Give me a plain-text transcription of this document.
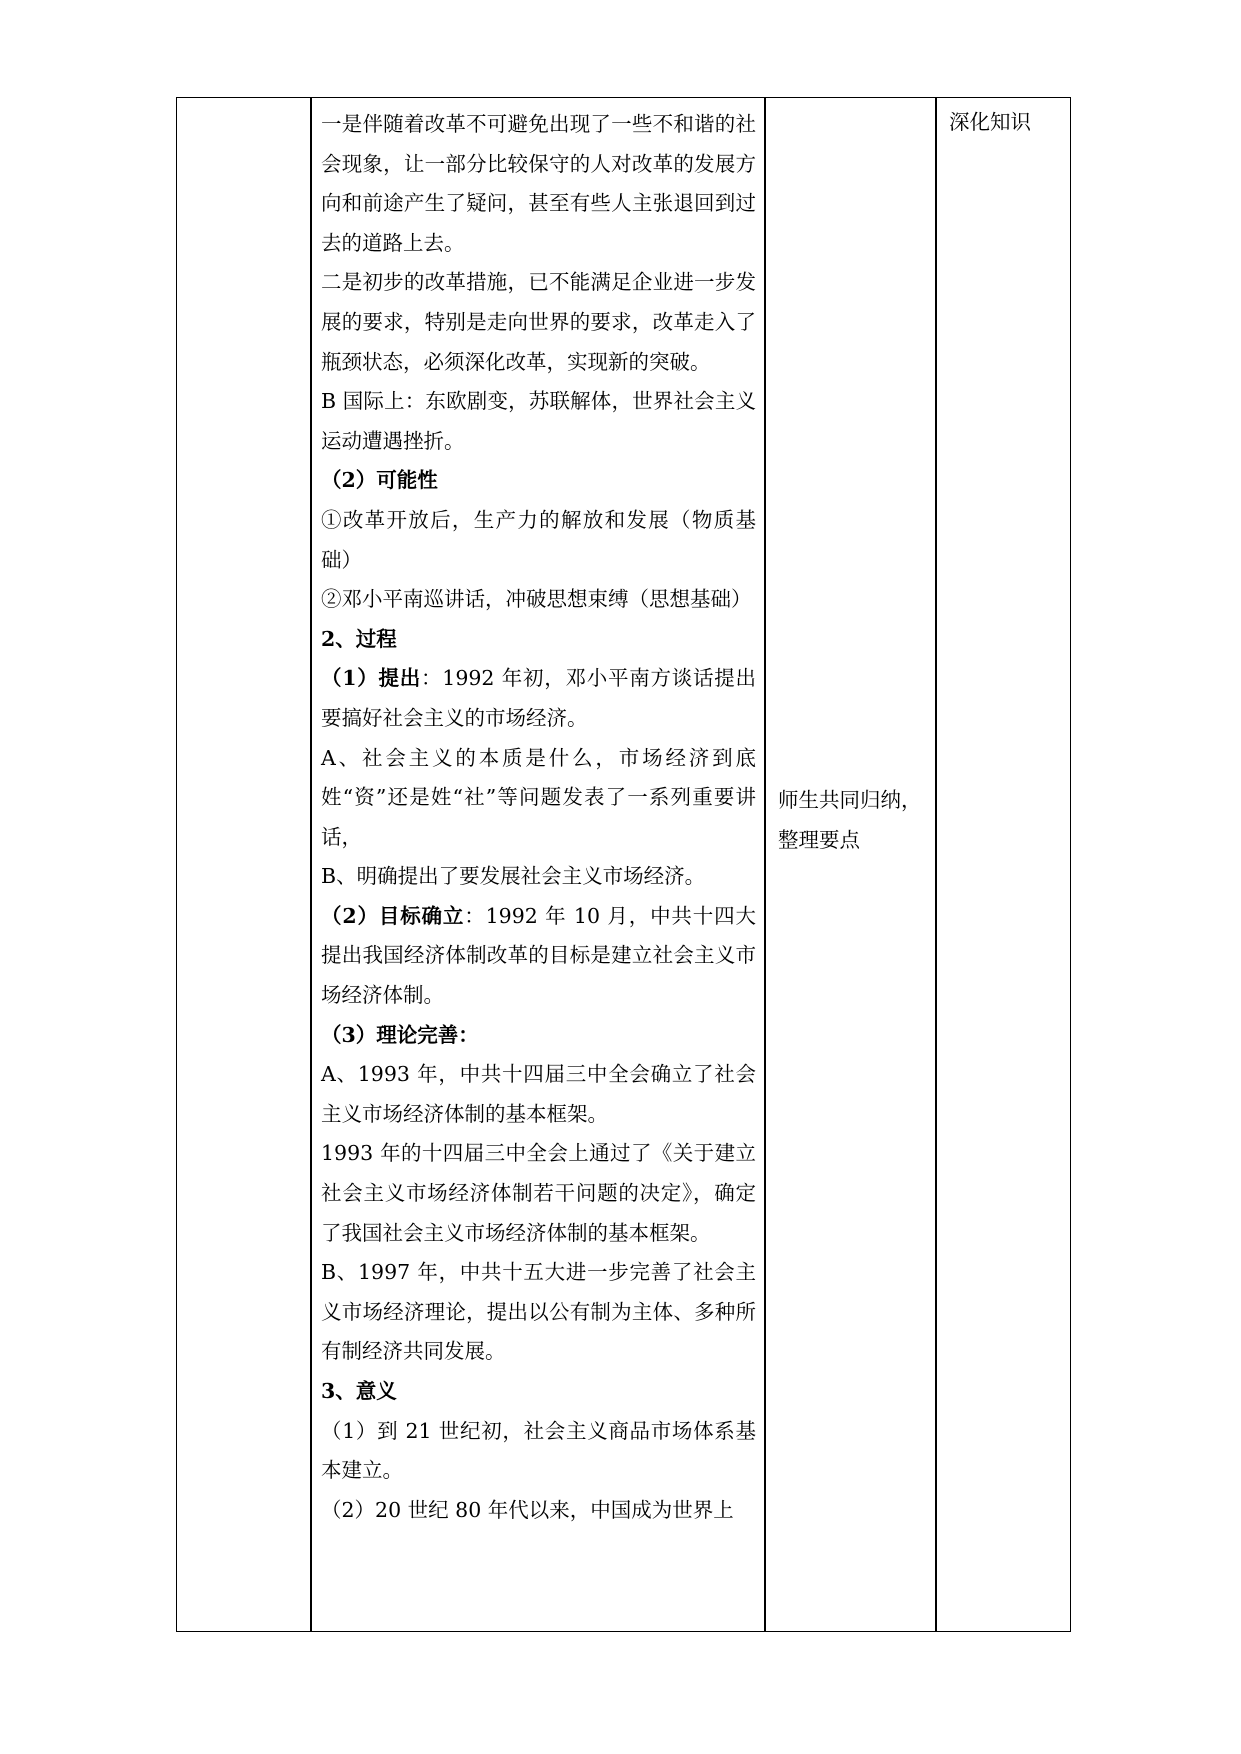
一是伴随着改革不可避免出现了一些不和谐的社会现象，让一部分比较保守的人对改革的发展方向和前途产生了疑问，甚至有些人主张退回到过去的道路上去。

二是初步的改革措施，已不能满足企业进一步发展的要求，特别是走向世界的要求，改革走入了瓶颈状态，必须深化改革，实现新的突破。

B 国际上：东欧剧变，苏联解体，世界社会主义运动遭遇挫折。

（2）可能性

①改革开放后，生产力的解放和发展（物质基础）

②邓小平南巡讲话，冲破思想束缚（思想基础）

2、过程

（1）提出：1992 年初，邓小平南方谈话提出要搞好社会主义的市场经济。

A、社会主义的本质是什么，市场经济到底姓“资”还是姓“社”等问题发表了一系列重要讲话，

B、明确提出了要发展社会主义市场经济。

（2）目标确立：1992 年 10 月，中共十四大提出我国经济体制改革的目标是建立社会主义市场经济体制。

（3）理论完善：

A、1993 年，中共十四届三中全会确立了社会主义市场经济体制的基本框架。

1993 年的十四届三中全会上通过了《关于建立社会主义市场经济体制若干问题的决定》，确定了我国社会主义市场经济体制的基本框架。

B、1997 年，中共十五大进一步完善了社会主义市场经济理论，提出以公有制为主体、多种所有制经济共同发展。

3、意义

（1）到 21 世纪初，社会主义商品市场体系基本建立。

（2）20 世纪 80 年代以来，中国成为世界上

师生共同归纳，整理要点

深化知识
